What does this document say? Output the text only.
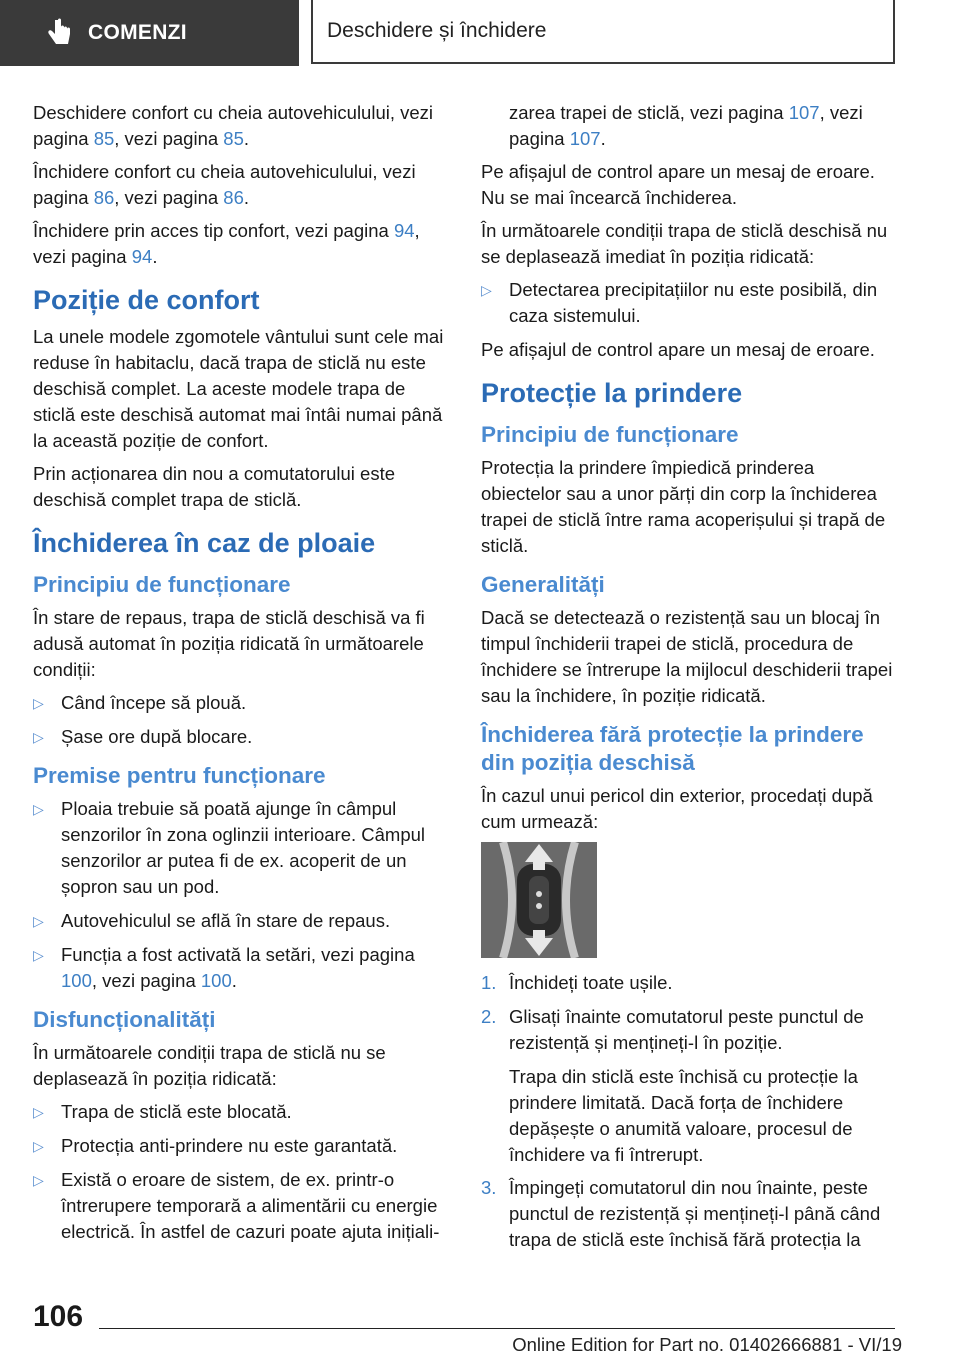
COMENZI	Deschidere și închidere

Deschidere confort cu cheia autovehiculului, vezi pagina 85, vezi pagina 85.

Închidere confort cu cheia autovehiculului, vezi pagina 86, vezi pagina 86.

Închidere prin acces tip confort, vezi pagina 94, vezi pagina 94.

Poziție de confort

La unele modele zgomotele vântului sunt cele mai reduse în habitaclu, dacă trapa de sticlă nu este deschisă complet. La aceste modele trapa de sticlă este deschisă automat mai întâi numai până la această poziție de confort.

Prin acționarea din nou a comutatorului este deschisă complet trapa de sticlă.

Închiderea în caz de ploaie
Principiu de funcționare

În stare de repaus, trapa de sticlă deschisă va fi adusă automat în poziția ridicată în următoarele condiții:

▷ Când începe să plouă.
▷ Șase ore după blocare.
Premise pentru funcționare
▷ Ploaia trebuie să poată ajunge în câmpul senzorilor în zona oglinzii interioare. Câmpul senzorilor ar putea fi de ex. acoperit de un șopron sau un pod.
▷ Autovehiculul se află în stare de repaus.
▷ Funcția a fost activată la setări, vezi pagina 100, vezi pagina 100.
Disfuncționalități

În următoarele condiții trapa de sticlă nu se deplasează în poziția ridicată:

▷ Trapa de sticlă este blocată.
▷ Protecția anti-prindere nu este garantată.
▷ Există o eroare de sistem, de ex. printr-o întrerupere temporară a alimentării cu energie electrică. În astfel de cazuri poate ajuta inițiali-

zarea trapei de sticlă, vezi pagina 107, vezi pagina 107.

Pe afișajul de control apare un mesaj de eroare. Nu se mai încearcă închiderea.

În următoarele condiții trapa de sticlă deschisă nu se deplasează imediat în poziția ridicată:

▷ Detectarea precipitațiilor nu este posibilă, din caza sistemului.

Pe afișajul de control apare un mesaj de eroare.

Protecție la prindere
Principiu de funcționare

Protecția la prindere împiedică prinderea obiectelor sau a unor părți din corp la închiderea trapei de sticlă între rama acoperișului și trapă de sticlă.

Generalități

Dacă se detectează o rezistență sau un blocaj în timpul închiderii trapei de sticlă, procedura de închidere se întrerupe la mijlocul deschiderii trapei sau la închidere, în poziție ridicată.

Închiderea fără protecție la prindere din poziția deschisă

În cazul unui pericol din exterior, procedați după cum urmează:

1. Închideți toate ușile.
2. Glisați înainte comutatorul peste punctul de rezistență și mențineți-l în poziție.

Trapa din sticlă este închisă cu protecție la prindere limitată. Dacă forța de închidere depășește o anumită valoare, procesul de închidere va fi întrerupt.

3. Împingeți comutatorul din nou înainte, peste punctul de rezistență și mențineți-l până când trapa de sticlă este închisă fără protecția la
106
Online Edition for Part no. 01402666881 - VI/19
